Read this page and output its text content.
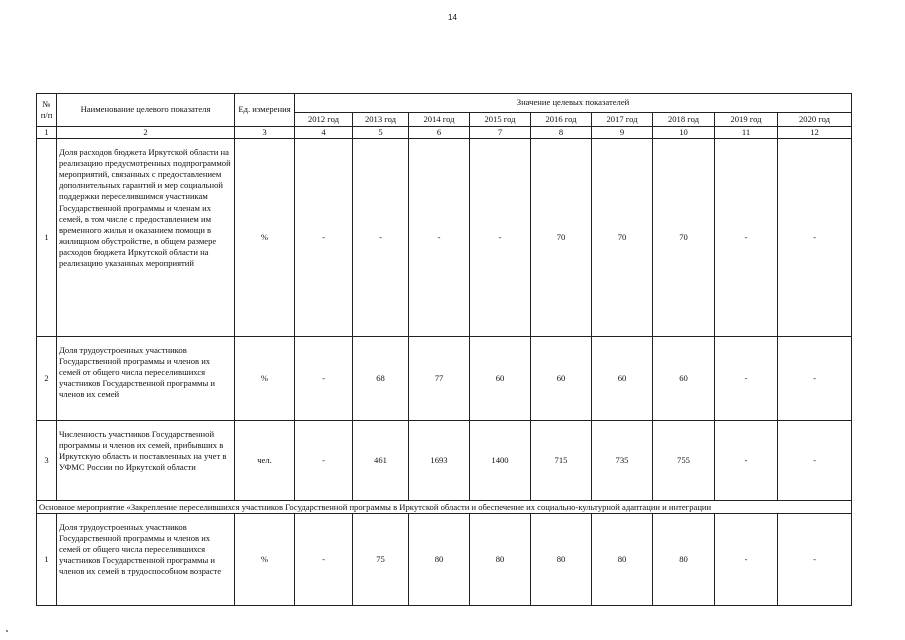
14
№ п/п	Наименование целевого показателя	Ед. измерения	Значение целевых показателей								
			2012 год	2013 год	2014 год	2015 год	2016 год	2017 год	2018 год	2019 год	2020 год
1	2	3	4	5	6	7	8	9	10	11	12
1	Доля расходов бюджета Иркутской области на реализацию предусмотренных подпрограммой мероприятий, связанных с предоставлением дополнительных гарантий и мер социальной поддержки переселившимся участникам Государственной программы и членам их семей, в том числе с предоставлением им временного жилья и оказанием помощи в жилищном обустройстве, в общем размере расходов бюджета Иркутской области на реализацию указанных мероприятий	%	-	-	-	-	70	70	70	-	-
2	Доля трудоустроенных участников Государственной программы и членов их семей от общего числа переселившихся участников Государственной программы и членов их семей	%	-	68	77	60	60	60	60	-	-
3	Численность участников Государственной программы и членов их семей, прибывших в Иркутскую область и поставленных на учет в УФМС России по Иркутской области	чел.	-	461	1693	1400	715	735	755	-	-
Основное мероприятие «Закрепление переселившихся участников Государственной программы в Иркутской области и обеспечение их социально-культурной адаптации и интеграции											
1	Доля трудоустроенных участников Государственной программы и членов их семей от общего числа переселившихся участников Государственной программы и членов их семей в трудоспособном возрасте	%	-	75	80	80	80	80	80	-	-
